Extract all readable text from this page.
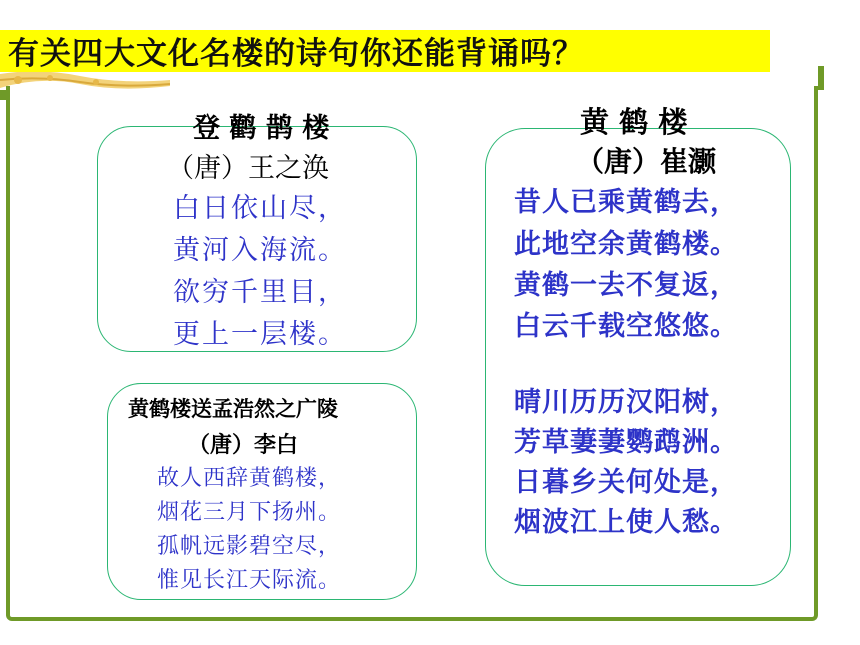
有关四大文化名楼的诗句你还能背诵吗？
登 鹳 鹊 楼
（唐）王之涣
白日依山尽，
黄河入海流。
欲穷千里目，
更上一层楼。
黄 鹤 楼
（唐）崔灏
昔人已乘黄鹤去，
此地空余黄鹤楼。
黄鹤一去不复返，
白云千载空悠悠。
晴川历历汉阳树，
芳草萋萋鹦鹉洲。
日暮乡关何处是，
烟波江上使人愁。
黄鹤楼送孟浩然之广陵
（唐）李白
故人西辞黄鹤楼，
烟花三月下扬州。
孤帆远影碧空尽，
惟见长江天际流。
